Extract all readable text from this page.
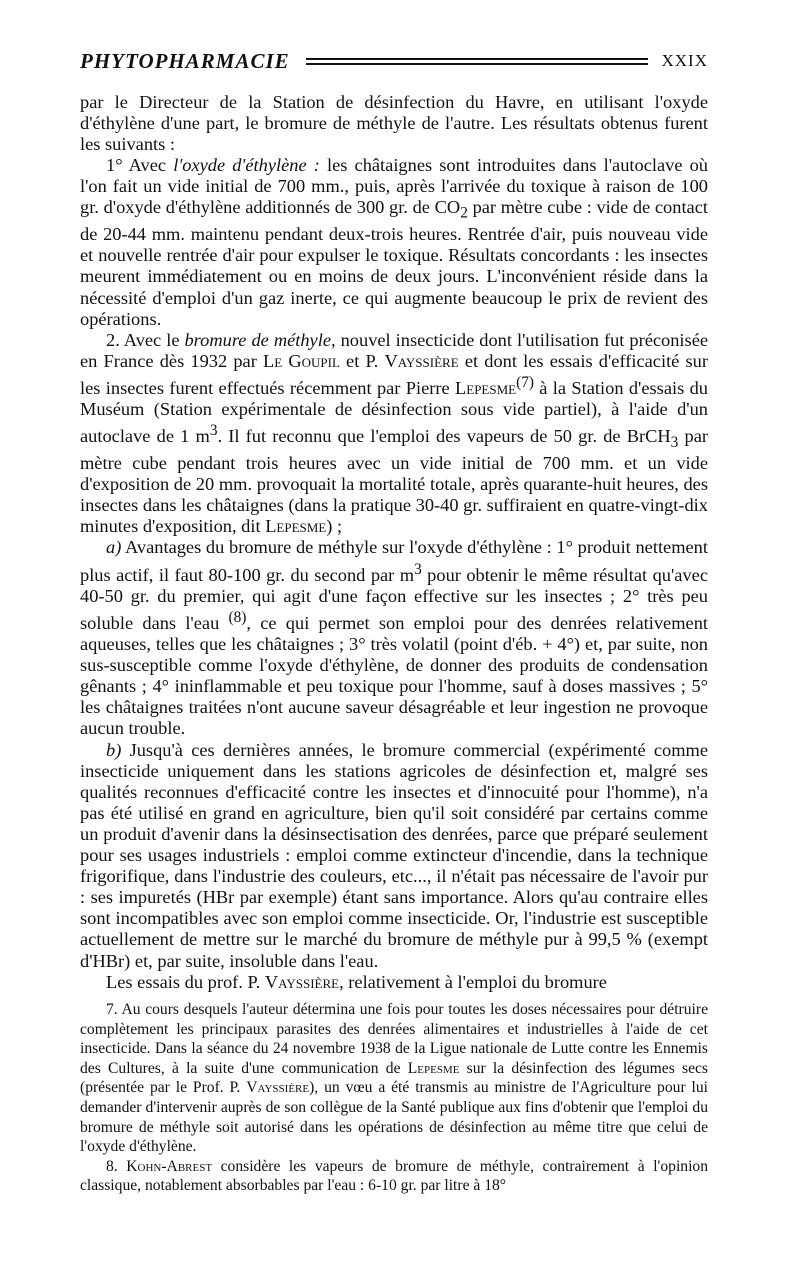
PHYTOPHARMACIE	XXIX

par le Directeur de la Station de désinfection du Havre, en utilisant l'oxyde d'éthylène d'une part, le bromure de méthyle de l'autre. Les résultats obtenus furent les suivants :

1° Avec l'oxyde d'éthylène : les châtaignes sont introduites dans l'autoclave où l'on fait un vide initial de 700 mm., puis, après l'arrivée du toxique à raison de 100 gr. d'oxyde d'éthylène additionnés de 300 gr. de $CO_2$ par mètre cube : vide de contact de 20-44 mm. maintenu pendant deux-trois heures. Rentrée d'air, puis nouveau vide et nouvelle rentrée d'air pour expulser le toxique. Résultats concordants : les insectes meurent immédiatement ou en moins de deux jours. L'inconvénient réside dans la nécessité d'emploi d'un gaz inerte, ce qui augmente beaucoup le prix de revient des opérations.

2. Avec le bromure de méthyle, nouvel insecticide dont l'utilisation fut préconisée en France dès 1932 par Le Goupil et P. Vayssière et dont les essais d'efficacité sur les insectes furent effectués récemment par Pierre Lepesme$^{(7)}$ à la Station d'essais du Muséum (Station expérimentale de désinfection sous vide partiel), à l'aide d'un autoclave de 1 $m^3$. Il fut reconnu que l'emploi des vapeurs de 50 gr. de BrCH$_3$ par mètre cube pendant trois heures avec un vide initial de 700 mm. et un vide d'exposition de 20 mm. provoquait la mortalité totale, après quarante-huit heures, des insectes dans les châtaignes (dans la pratique 30-40 gr. suffiraient en quatre-vingt-dix minutes d'exposition, dit Lepesme) ;

a) Avantages du bromure de méthyle sur l'oxyde d'éthylène : 1° produit nettement plus actif, il faut 80-100 gr. du second par $m^3$ pour obtenir le même résultat qu'avec 40-50 gr. du premier, qui agit d'une façon effective sur les insectes ; 2° très peu soluble dans l'eau $^{(8)}$, ce qui permet son emploi pour des denrées relativement aqueuses, telles que les châtaignes ; 3° très volatil (point d'éb. + 4°) et, par suite, non sus-susceptible comme l'oxyde d'éthylène, de donner des produits de condensation gênants ; 4° ininflammable et peu toxique pour l'homme, sauf à doses massives ; 5° les châtaignes traitées n'ont aucune saveur désagréable et leur ingestion ne provoque aucun trouble.

b) Jusqu'à ces dernières années, le bromure commercial (expérimenté comme insecticide uniquement dans les stations agricoles de désinfection et, malgré ses qualités reconnues d'efficacité contre les insectes et d'innocuité pour l'homme), n'a pas été utilisé en grand en agriculture, bien qu'il soit considéré par certains comme un produit d'avenir dans la désinsectisation des denrées, parce que préparé seulement pour ses usages industriels : emploi comme extincteur d'incendie, dans la technique frigorifique, dans l'industrie des couleurs, etc..., il n'était pas nécessaire de l'avoir pur : ses impuretés (HBr par exemple) étant sans importance. Alors qu'au contraire elles sont incompatibles avec son emploi comme insecticide. Or, l'industrie est susceptible actuellement de mettre sur le marché du bromure de méthyle pur à 99,5 % (exempt d'HBr) et, par suite, insoluble dans l'eau.

Les essais du prof. P. Vayssière, relativement à l'emploi du bromure

7. Au cours desquels l'auteur détermina une fois pour toutes les doses nécessaires pour détruire complètement les principaux parasites des denrées alimentaires et industrielles à l'aide de cet insecticide. Dans la séance du 24 novembre 1938 de la Ligue nationale de Lutte contre les Ennemis des Cultures, à la suite d'une communication de Lepesme sur la désinfection des légumes secs (présentée par le Prof. P. Vayssière), un vœu a été transmis au ministre de l'Agriculture pour lui demander d'intervenir auprès de son collègue de la Santé publique aux fins d'obtenir que l'emploi du bromure de méthyle soit autorisé dans les opérations de désinfection au même titre que celui de l'oxyde d'éthylène.

8. Kohn-Abrest considère les vapeurs de bromure de méthyle, contrairement à l'opinion classique, notablement absorbables par l'eau : 6-10 gr. par litre à 18°
